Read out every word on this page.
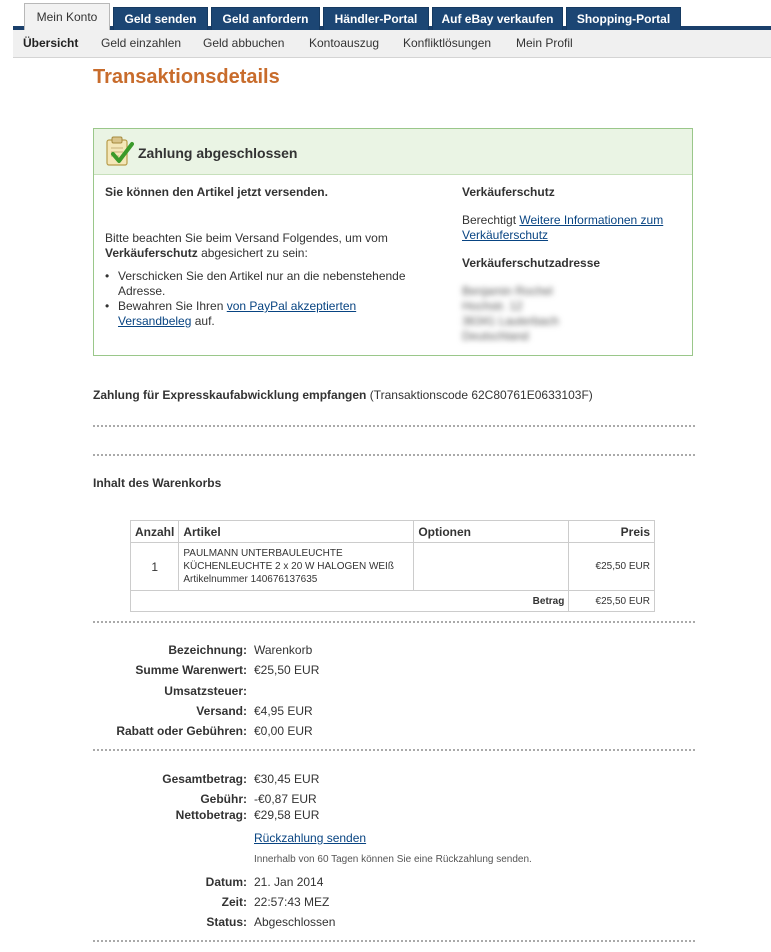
Mein Konto	Geld senden	Geld anfordern	Händler-Portal	Auf eBay verkaufen	Shopping-Portal
Übersicht Geld einzahlen Geld abbuchen Kontoauszug Konfliktlösungen Mein Profil
Transaktionsdetails
Zahlung abgeschlossen

Sie können den Artikel jetzt versenden.

Bitte beachten Sie beim Versand Folgendes, um vom Verkäuferschutz abgesichert zu sein:

• Verschicken Sie den Artikel nur an die nebenstehende Adresse.
• Bewahren Sie Ihren von PayPal akzeptierten Versandbeleg auf.
Verkäuferschutz

Berechtigt Weitere Informationen zum Verkäuferschutz

Verkäuferschutzadresse
Benjamin Rochel
Hochstr. 12
36341 Lauterbach
Deutschland
Zahlung für Expresskaufabwicklung empfangen (Transaktionscode 62C80761E0633103F)
Inhalt des Warenkorbs
Anzahl	Artikel	Optionen	Preis
1	PAULMANN UNTERBAULEUCHTE
KÜCHENLEUCHTE 2 x 20 W HALOGEN WEIß
Artikelnummer 140676137635		€25,50 EUR
Betrag			€25,50 EUR
Bezeichnung: Warenkorb
Summe Warenwert: €25,50 EUR
Umsatzsteuer:
Versand: €4,95 EUR
Rabatt oder Gebühren: €0,00 EUR
Gesamtbetrag: €30,45 EUR
Gebühr: -€0,87 EUR
Nettobetrag: €29,58 EUR
Rückzahlung senden
Innerhalb von 60 Tagen können Sie eine Rückzahlung senden.
Datum: 21. Jan 2014
Zeit: 22:57:43 MEZ
Status: Abgeschlossen
